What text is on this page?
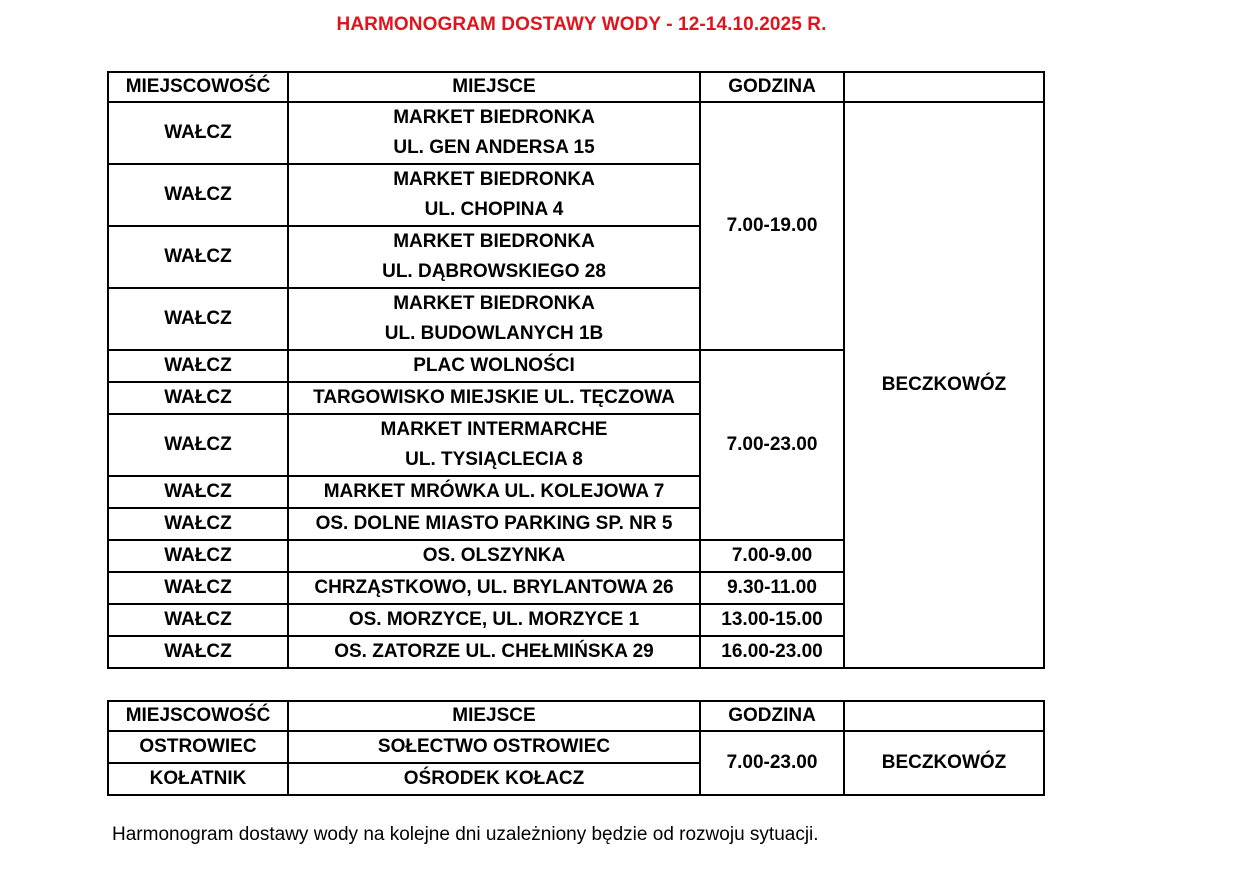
HARMONOGRAM DOSTAWY WODY - 12-14.10.2025 R.
MIEJSCOWOŚĆ	MIEJSCE	GODZINA	
WAŁCZ	MARKET BIEDRONKA
UL. GEN ANDERSA 15	7.00-19.00	BECZKOWÓZ
WAŁCZ	MARKET BIEDRONKA
UL. CHOPINA 4		

WAŁCZ	MARKET BIEDRONKA
UL. DĄBROWSKIEGO 28		

WAŁCZ	MARKET BIEDRONKA
UL. BUDOWLANYCH 1B		

WAŁCZ	PLAC WOLNOŚCI	7.00-23.00	
WAŁCZ	TARGOWISKO MIEJSKIE UL. TĘCZOWA		
WAŁCZ	MARKET INTERMARCHE
UL. TYSIĄCLECIA 8		

WAŁCZ	MARKET MRÓWKA UL. KOLEJOWA 7		
WAŁCZ	OS. DOLNE MIASTO PARKING SP. NR 5		
WAŁCZ	OS. OLSZYNKA	7.00-9.00	
WAŁCZ	CHRZĄSTKOWO, UL. BRYLANTOWA 26	9.30-11.00	
WAŁCZ	OS. MORZYCE, UL. MORZYCE 1	13.00-15.00	
WAŁCZ	OS. ZATORZE UL. CHEŁMIŃSKA 29	16.00-23.00	
MIEJSCOWOŚĆ	MIEJSCE	GODZINA	
OSTROWIEC	SOŁECTWO OSTROWIEC	7.00-23.00	BECZKOWÓZ
KOŁATNIK	OŚRODEK KOŁACZ		
Harmonogram dostawy wody na kolejne dni uzależniony będzie od rozwoju sytuacji.
